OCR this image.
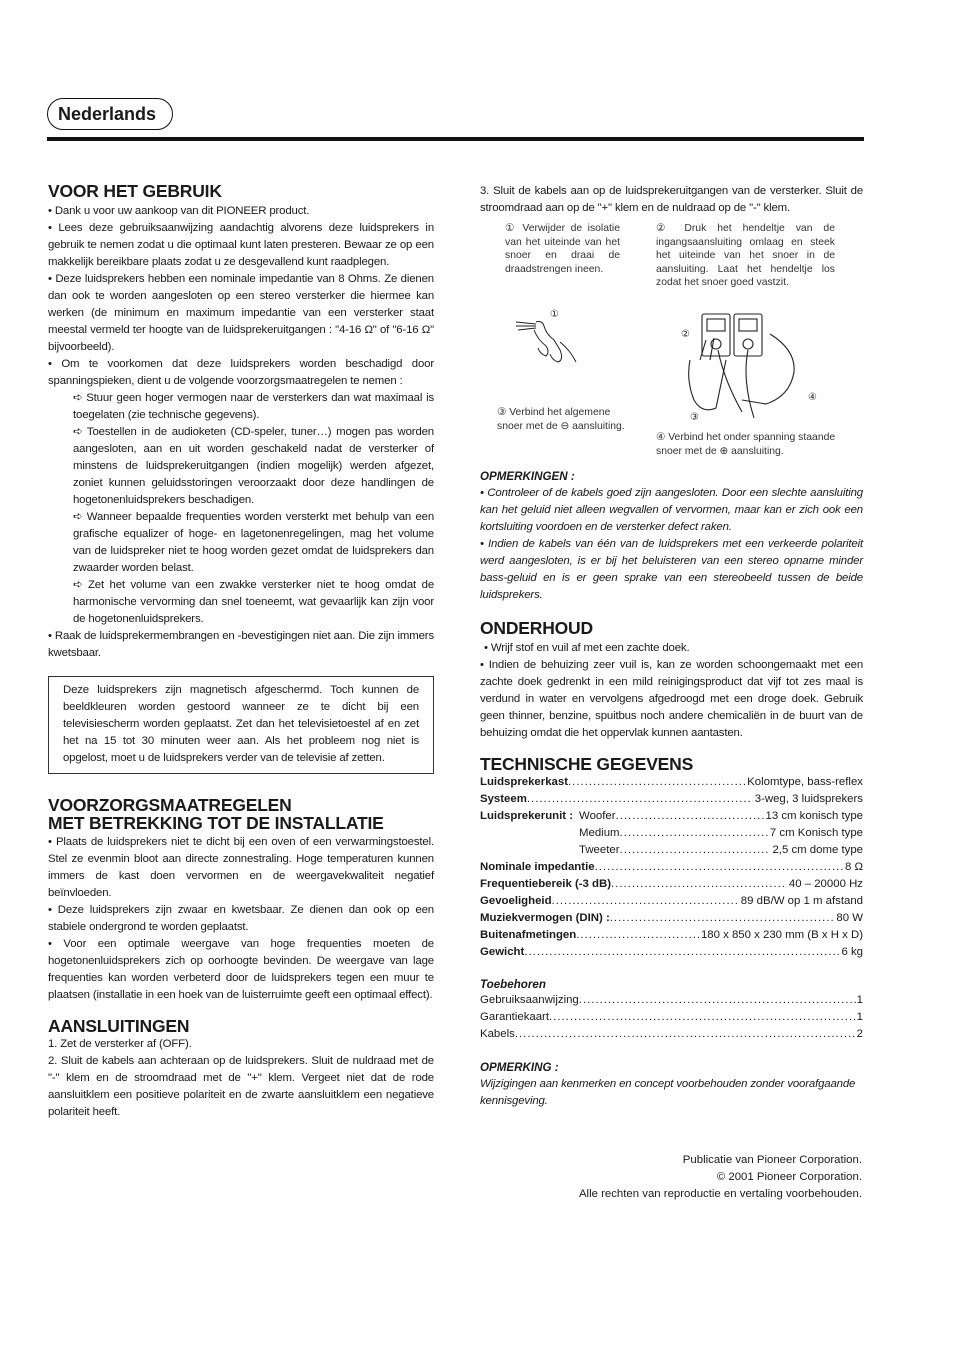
Nederlands
VOOR HET GEBRUIK

• Dank u voor uw aankoop van dit PIONEER product.

• Lees deze gebruiksaanwijzing aandachtig alvorens deze luidsprekers in gebruik te nemen zodat u die optimaal kunt laten presteren. Bewaar ze op een makkelijk bereikbare plaats zodat u ze desgevallend kunt raadplegen.

• Deze luidsprekers hebben een nominale impedantie van 8 Ohms. Ze dienen dan ook te worden aangesloten op een stereo versterker die hiermee kan werken (de minimum en maximum impedantie van een versterker staat meestal vermeld ter hoogte van de luidsprekeruitgangen : "4-16 Ω" of "6-16 Ω" bijvoorbeeld).

• Om te voorkomen dat deze luidsprekers worden beschadigd door spanningspieken, dient u de volgende voorzorgsmaatregelen te nemen :

➪ Stuur geen hoger vermogen naar de versterkers dan wat maximaal is toegelaten (zie technische gegevens).

➪ Toestellen in de audioketen (CD-speler, tuner…) mogen pas worden aangesloten, aan en uit worden geschakeld nadat de versterker of minstens de luidsprekeruitgangen (indien mogelijk) werden afgezet, zoniet kunnen geluidsstoringen veroorzaakt door deze handlingen de hogetonenluidsprekers beschadigen.

➪ Wanneer bepaalde frequenties worden versterkt met behulp van een grafische equalizer of hoge- en lagetonenregelingen, mag het volume van de luidspreker niet te hoog worden gezet omdat de luidsprekers dan zwaarder worden belast.

➪ Zet het volume van een zwakke versterker niet te hoog omdat de harmonische vervorming dan snel toeneemt, wat gevaarlijk kan zijn voor de hogetonenluidsprekers.

• Raak de luidsprekermembrangen en -bevestigingen niet aan. Die zijn immers kwetsbaar.

Deze luidsprekers zijn magnetisch afgeschermd. Toch kunnen de beeldkleuren worden gestoord wanneer ze te dicht bij een televisiescherm worden geplaatst. Zet dan het televisietoestel af en zet het na 15 tot 30 minuten weer aan. Als het probleem nog niet is opgelost, moet u de luidsprekers verder van de televisie af zetten.

VOORZORGSMAATREGELEN
MET BETREKKING TOT DE INSTALLATIE

• Plaats de luidsprekers niet te dicht bij een oven of een verwarmingstoestel. Stel ze evenmin bloot aan directe zonnestraling. Hoge temperaturen kunnen immers de kast doen vervormen en de weergavekwaliteit negatief beïnvloeden.

• Deze luidsprekers zijn zwaar en kwetsbaar. Ze dienen dan ook op een stabiele ondergrond te worden geplaatst.

• Voor een optimale weergave van hoge frequenties moeten de hogetonenluidsprekers zich op oorhoogte bevinden. De weergave van lage frequenties kan worden verbeterd door de luidsprekers tegen een muur te plaatsen (installatie in een hoek van de luisterruimte geeft een optimaal effect).

AANSLUITINGEN

1. Zet de versterker af (OFF).

2. Sluit de kabels aan achteraan op de luidsprekers. Sluit de nuldraad met de "-" klem en de stroomdraad met de "+" klem. Vergeet niet dat de rode aansluitklem een positieve polariteit en de zwarte aansluitklem een negatieve polariteit heeft.

3. Sluit de kabels aan op de luidsprekeruitgangen van de versterker. Sluit de stroomdraad aan op de "+" klem en de nuldraad op de "-" klem.

① Verwijder de isolatie van het uiteinde van het snoer en draai de draadstrengen ineen.

② Druk het hendeltje van de ingangsaansluiting omlaag en steek het uiteinde van het snoer in de aansluiting. Laat het hendeltje los zodat het snoer goed vastzit.

①
②
④
③

③ Verbind het algemene snoer met de ⊖ aansluiting.

④ Verbind het onder spanning staande snoer met de ⊕ aansluiting.

OPMERKINGEN :

• Controleer of de kabels goed zijn aangesloten. Door een slechte aansluiting kan het geluid niet alleen wegvallen of vervormen, maar kan er zich ook een kortsluiting voordoen en de versterker defect raken.

• Indien de kabels van één van de luidsprekers met een verkeerde polariteit werd aangesloten, is er bij het beluisteren van een stereo opname minder bass-geluid en is er geen sprake van een stereobeeld tussen de beide luidsprekers.

ONDERHOUD

• Wrijf stof en vuil af met een zachte doek.

• Indien de behuizing zeer vuil is, kan ze worden schoongemaakt met een zachte doek gedrenkt in een mild reinigingsproduct dat vijf tot zes maal is verdund in water en vervolgens afgedroogd met een droge doek. Gebruik geen thinner, benzine, spuitbus noch andere chemicaliën in de buurt van de behuizing omdat die het oppervlak kunnen aantasten.

TECHNISCHE GEGEVENS
Luidsprekerkast .....	Kolomtype, bass-reflex
Systeem .....	3-weg, 3 luidsprekers
Luidsprekerunit : Woofer .....	13 cm konisch type
Medium .....	7 cm Konisch type
Tweeter .....	2,5 cm dome type
Nominale impedantie .....	8 Ω
Frequentiebereik (-3 dB) .....	40 – 20000 Hz
Gevoeligheid .....	89 dB/W op 1 m afstand
Muziekvermogen (DIN) : .....	80 W
Buitenafmetingen .....	180 x 850 x 230 mm (B x H x D)
Gewicht .....	6 kg

Toebehoren

Gebruiksaanwijzing .....	1
Garantiekaart .....	1
Kabels .....	2

OPMERKING :

Wijzigingen aan kenmerken en concept voorbehouden zonder voorafgaande kennisgeving.

Publicatie van Pioneer Corporation.
© 2001 Pioneer Corporation.
Alle rechten van reproductie en vertaling voorbehouden.
